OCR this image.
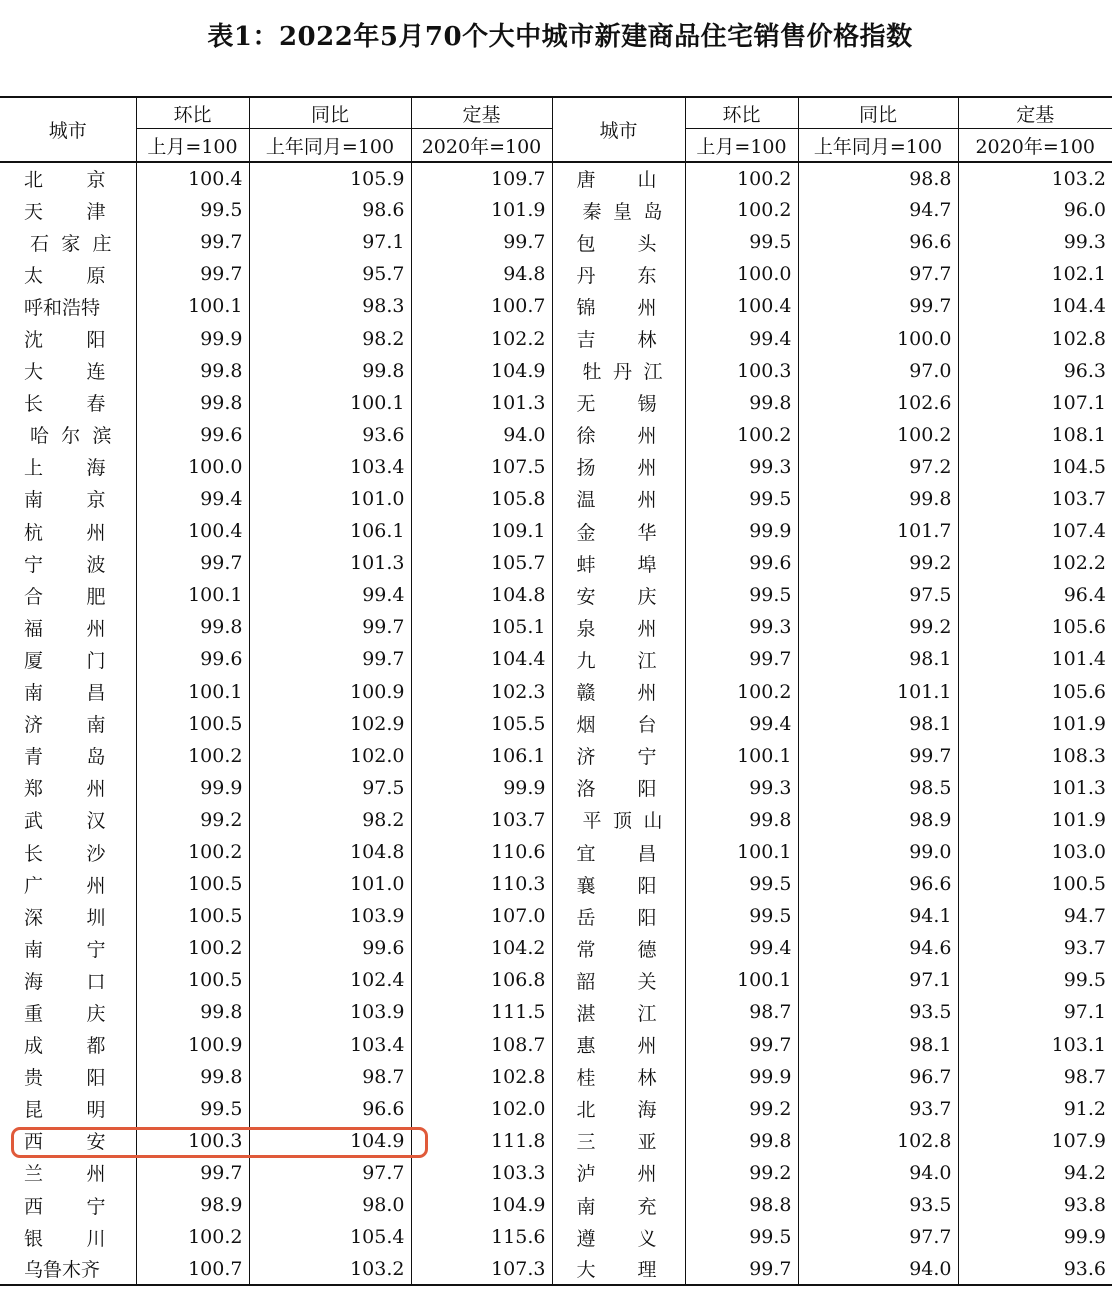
表1：2022年5月70个大中城市新建商品住宅销售价格指数
城市	环比	同比	定基	城市	环比	同比	定基
	上月=100	上年同月=100	2020年=100		上月=100	上年同月=100	2020年=100

北 京	100.4	105.9	109.7	唐 山	100.2	98.8	103.2

天 津	99.5	98.6	101.9	秦 皇 岛	100.2	94.7	96.0

石 家 庄	99.7	97.1	99.7	包 头	99.5	96.6	99.3

太 原	99.7	95.7	94.8	丹 东	100.0	97.7	102.1

呼 和 浩 特	100.1	98.3	100.7	锦 州	100.4	99.7	104.4

沈 阳	99.9	98.2	102.2	吉 林	99.4	100.0	102.8

大 连	99.8	99.8	104.9	牡 丹 江	100.3	97.0	96.3

长 春	99.8	100.1	101.3	无 锡	99.8	102.6	107.1

哈 尔 滨	99.6	93.6	94.0	徐 州	100.2	100.2	108.1

上 海	100.0	103.4	107.5	扬 州	99.3	97.2	104.5

南 京	99.4	101.0	105.8	温 州	99.5	99.8	103.7

杭 州	100.4	106.1	109.1	金 华	99.9	101.7	107.4

宁 波	99.7	101.3	105.7	蚌 埠	99.6	99.2	102.2

合 肥	100.1	99.4	104.8	安 庆	99.5	97.5	96.4

福 州	99.8	99.7	105.1	泉 州	99.3	99.2	105.6

厦 门	99.6	99.7	104.4	九 江	99.7	98.1	101.4

南 昌	100.1	100.9	102.3	赣 州	100.2	101.1	105.6

济 南	100.5	102.9	105.5	烟 台	99.4	98.1	101.9

青 岛	100.2	102.0	106.1	济 宁	100.1	99.7	108.3

郑 州	99.9	97.5	99.9	洛 阳	99.3	98.5	101.3

武 汉	99.2	98.2	103.7	平 顶 山	99.8	98.9	101.9

长 沙	100.2	104.8	110.6	宜 昌	100.1	99.0	103.0

广 州	100.5	101.0	110.3	襄 阳	99.5	96.6	100.5

深 圳	100.5	103.9	107.0	岳 阳	99.5	94.1	94.7

南 宁	100.2	99.6	104.2	常 德	99.4	94.6	93.7

海 口	100.5	102.4	106.8	韶 关	100.1	97.1	99.5

重 庆	99.8	103.9	111.5	湛 江	98.7	93.5	97.1

成 都	100.9	103.4	108.7	惠 州	99.7	98.1	103.1

贵 阳	99.8	98.7	102.8	桂 林	99.9	96.7	98.7

昆 明	99.5	96.6	102.0	北 海	99.2	93.7	91.2

西 安	100.3	104.9	111.8	三 亚	99.8	102.8	107.9

兰 州	99.7	97.7	103.3	泸 州	99.2	94.0	94.2

西 宁	98.9	98.0	104.9	南 充	98.8	93.5	93.8

银 川	100.2	105.4	115.6	遵 义	99.5	97.7	99.9

乌 鲁 木 齐	100.7	103.2	107.3	大 理	99.7	94.0	93.6
